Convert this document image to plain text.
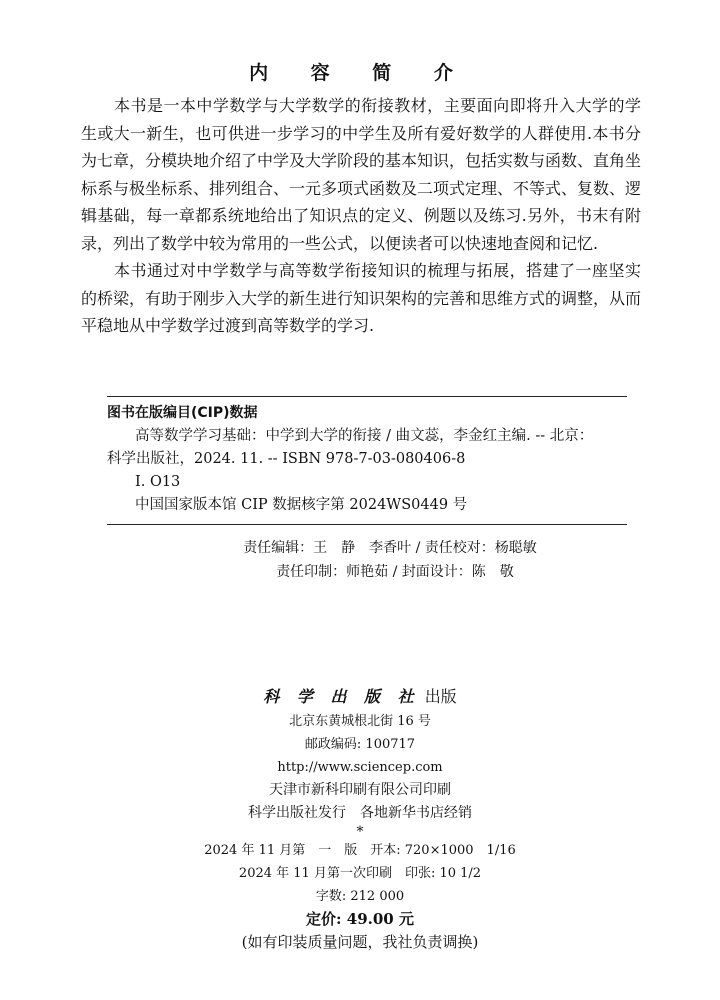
内 容 简 介

本书是一本中学数学与大学数学的衔接教材，主要面向即将升入大学的学生或大一新生，也可供进一步学习的中学生及所有爱好数学的人群使用.本书分为七章，分模块地介绍了中学及大学阶段的基本知识，包括实数与函数、直角坐标系与极坐标系、排列组合、一元多项式函数及二项式定理、不等式、复数、逻辑基础，每一章都系统地给出了知识点的定义、例题以及练习.另外，书末有附录，列出了数学中较为常用的一些公式，以便读者可以快速地查阅和记忆.

本书通过对中学数学与高等数学衔接知识的梳理与拓展，搭建了一座坚实的桥梁，有助于刚步入大学的新生进行知识架构的完善和思维方式的调整，从而平稳地从中学数学过渡到高等数学的学习.

图书在版编目(CIP)数据
高等数学学习基础：中学到大学的衔接 / 曲文蕊，李金红主编. -- 北京：
科学出版社，2024. 11. -- ISBN 978-7-03-080406-8
I. O13
中国国家版本馆 CIP 数据核字第 2024WS0449 号
责任编辑：王　静　李香叶 / 责任校对：杨聪敏
责任印制：师艳茹 / 封面设计：陈　敬
科 学 出 版 社 出版
北京东黄城根北街 16 号
邮政编码: 100717
http://www.sciencep.com
天津市新科印刷有限公司印刷
科学出版社发行　各地新华书店经销
*
2024 年 11 月第　一　版　开本: 720×1000　1/16
2024 年 11 月第一次印刷　印张: 10 1/2
字数: 212 000
定价: 49.00 元
(如有印装质量问题，我社负责调换)
